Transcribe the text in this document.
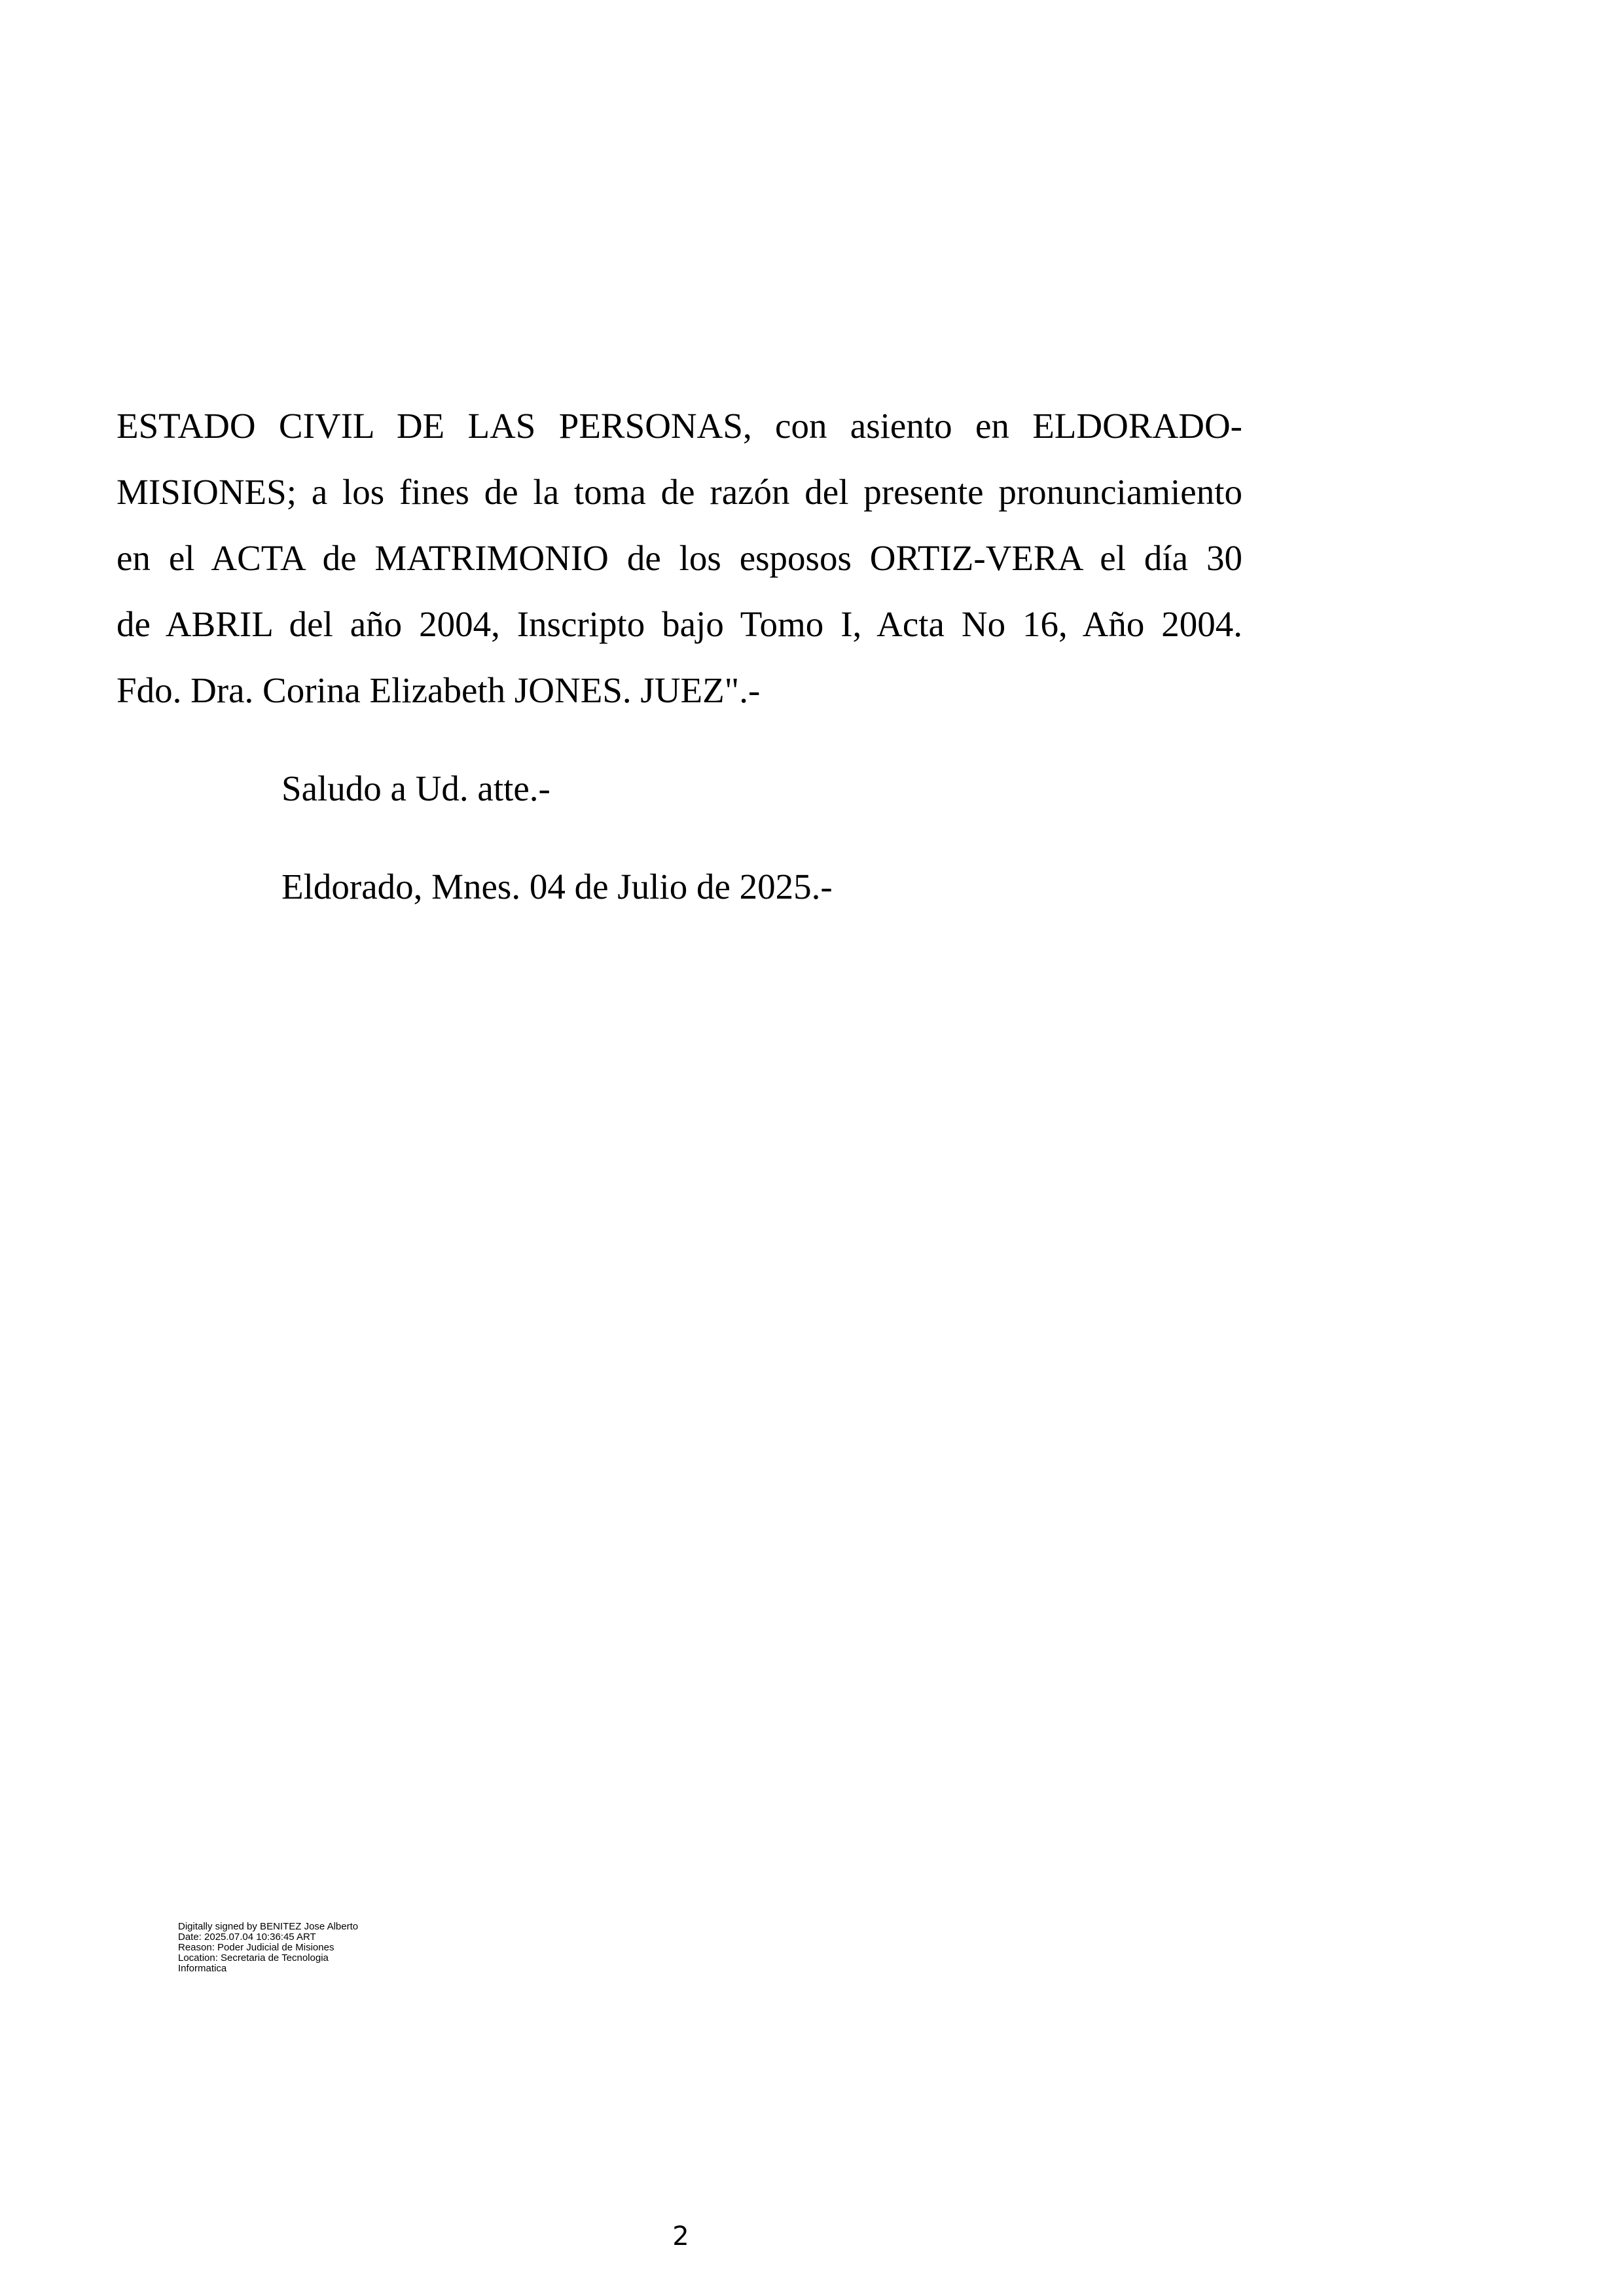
ESTADO CIVIL DE LAS PERSONAS, con asiento en ELDORADO-
MISIONES; a los fines de la toma de razón del presente pronunciamiento
en el ACTA de MATRIMONIO de los esposos ORTIZ-VERA el día 30
de ABRIL del año 2004, Inscripto bajo Tomo I, Acta No 16, Año 2004.
Fdo. Dra. Corina Elizabeth JONES. JUEZ".-
Saludo a Ud. atte.-
Eldorado, Mnes. 04 de Julio de 2025.-
Digitally signed by BENITEZ Jose Alberto
Date: 2025.07.04 10:36:45 ART
Reason: Poder Judicial de Misiones
Location: Secretaria de Tecnologia
Informatica
2
